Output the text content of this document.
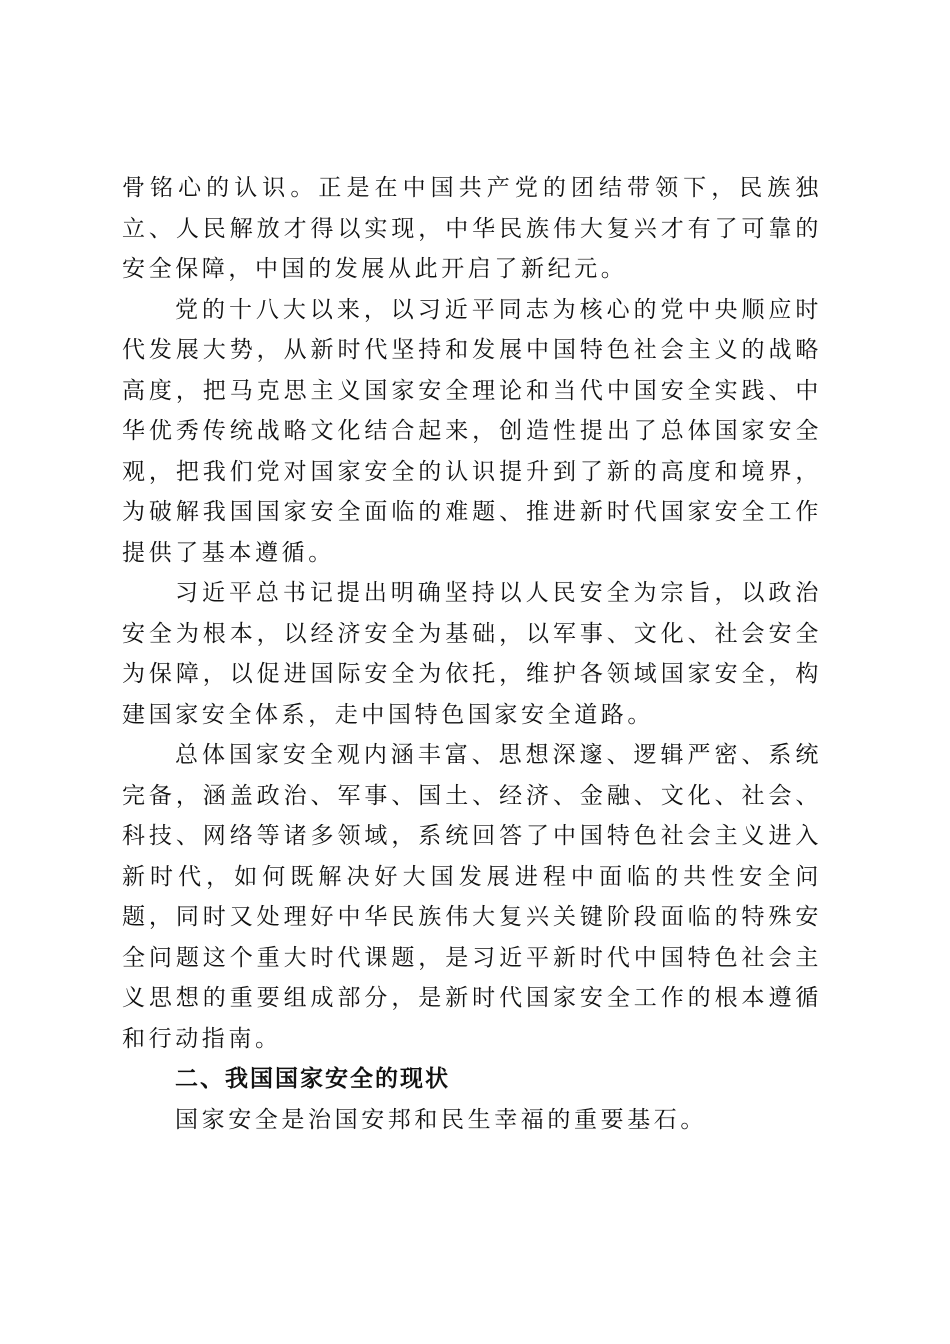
骨铭心的认识。正是在中国共产党的团结带领下，民族独立、人民解放才得以实现，中华民族伟大复兴才有了可靠的安全保障，中国的发展从此开启了新纪元。

党的十八大以来，以习近平同志为核心的党中央顺应时代发展大势，从新时代坚持和发展中国特色社会主义的战略高度，把马克思主义国家安全理论和当代中国安全实践、中华优秀传统战略文化结合起来，创造性提出了总体国家安全观，把我们党对国家安全的认识提升到了新的高度和境界，为破解我国国家安全面临的难题、推进新时代国家安全工作提供了基本遵循。

习近平总书记提出明确坚持以人民安全为宗旨，以政治安全为根本，以经济安全为基础，以军事、文化、社会安全为保障，以促进国际安全为依托，维护各领域国家安全，构建国家安全体系，走中国特色国家安全道路。

总体国家安全观内涵丰富、思想深邃、逻辑严密、系统完备，涵盖政治、军事、国土、经济、金融、文化、社会、科技、网络等诸多领域，系统回答了中国特色社会主义进入新时代，如何既解决好大国发展进程中面临的共性安全问题，同时又处理好中华民族伟大复兴关键阶段面临的特殊安全问题这个重大时代课题，是习近平新时代中国特色社会主义思想的重要组成部分，是新时代国家安全工作的根本遵循和行动指南。

二、我国国家安全的现状

国家安全是治国安邦和民生幸福的重要基石。
